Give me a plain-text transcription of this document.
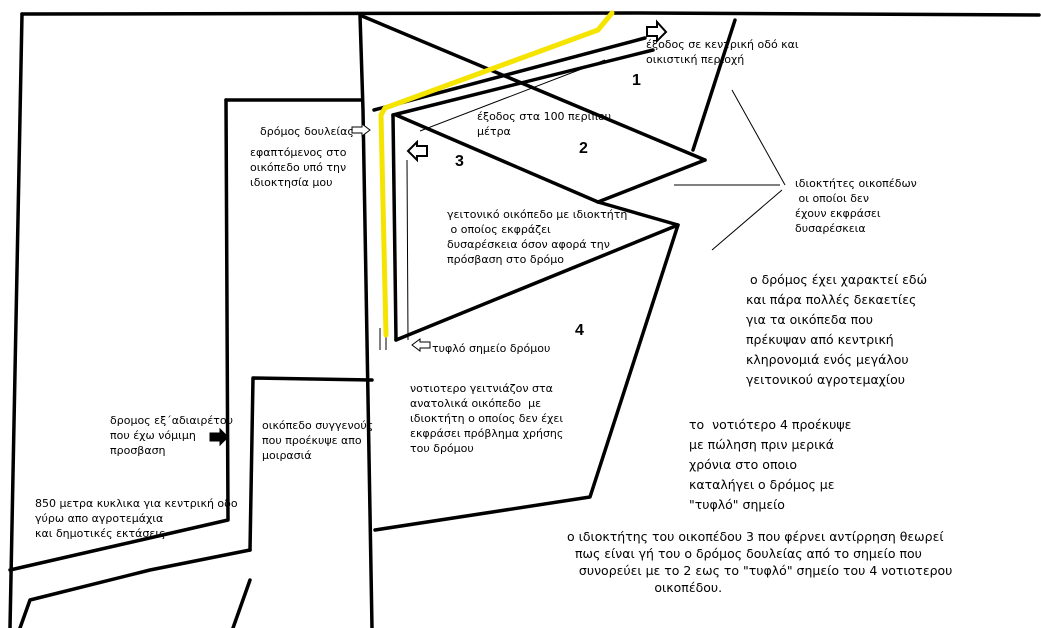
1
2
3
4

έξοδος σε κεντρική οδό και
οικιστική περιοχή

έξοδος στα 100 περίπου
μέτρα

δρόμος δουλείας

εφαπτόμενος στο
οικόπεδο υπό την
ιδιοκτησία μου

γειτονικό οικόπεδο με ιδιοκτήτη
ο οποίος εκφράζει
δυσαρέσκεια όσον αφορά την
πρόσβαση στο δρόμο

ιδιοκτήτες οικοπέδων
οι οποίοι δεν
έχουν εκφράσει
δυσαρέσκεια

ο δρόμος έχει χαρακτεί εδώ
και πάρα πολλές δεκαετίες
για τα οικόπεδα που
πρέκυψαν από κεντρική
κληρονομιά ενός μεγάλου
γειτονικού αγροτεμαχίου

τυφλό σημείο δρόμου

νοτιοτερο γειτνιάζον στα
ανατολικά οικόπεδο  με
ιδιοκτήτη ο οποίος δεν έχει
εκφράσει πρόβλημα χρήσης
του δρόμου

το  νοτιότερο 4 προέκυψε
με πώληση πριν μερικά
χρόνια στο οποιο
καταλήγει ο δρόμος με
"τυφλό" σημείο

δρομος εξ΄αδιαιρέτου
που έχω νόμιμη
προσβαση

οικόπεδο συγγενούς
που προέκυψε απο
μοιρασιά

850 μετρα κυκλικα για κεντρική οδο
γύρω απο αγροτεμάχια
και δημοτικές εκτάσεις	ο ιδιοκτήτης του οικοπέδου 3 που φέρνει αντίρρηση θεωρεί
πως είναι γή του ο δρόμος δουλείας από το σημείο που
συνορεύει με το 2 εως το "τυφλό" σημείο του 4 νοτιοτερου
οικοπέδου.
